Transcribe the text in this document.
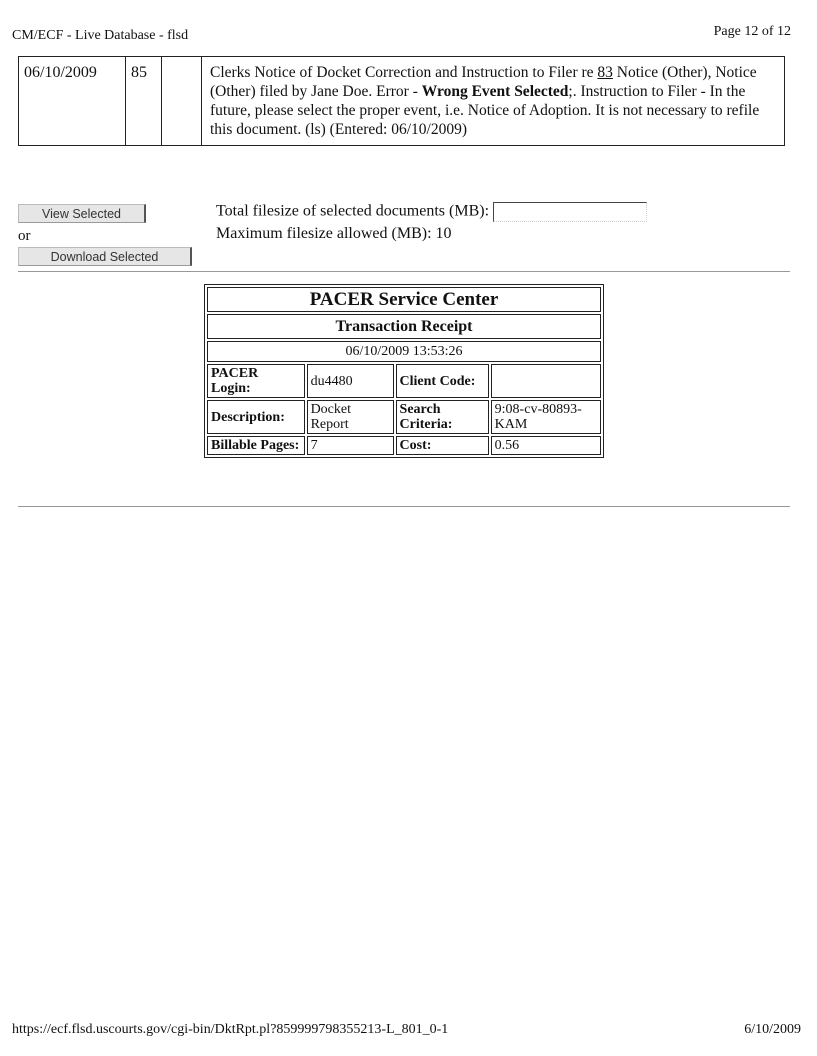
CM/ECF - Live Database - flsd	Page 12 of 12
06/10/2009	85		Clerks Notice of Docket Correction and Instruction to Filer re 83 Notice (Other), Notice (Other) filed by Jane Doe. Error - Wrong Event Selected;. Instruction to Filer - In the future, please select the proper event, i.e. Notice of Adoption. It is not necessary to refile this document. (ls) (Entered: 06/10/2009)
View Selected
or
Download Selected
Total filesize of selected documents (MB):
Maximum filesize allowed (MB): 10
PACER Service Center			
Transaction Receipt			
06/10/2009 13:53:26			
PACER Login:	du4480	Client Code:	
Description:	Docket Report	Search Criteria:	9:08-cv-80893-KAM
Billable Pages:	7	Cost:	0.56
https://ecf.flsd.uscourts.gov/cgi-bin/DktRpt.pl?859999798355213-L_801_0-1	6/10/2009
